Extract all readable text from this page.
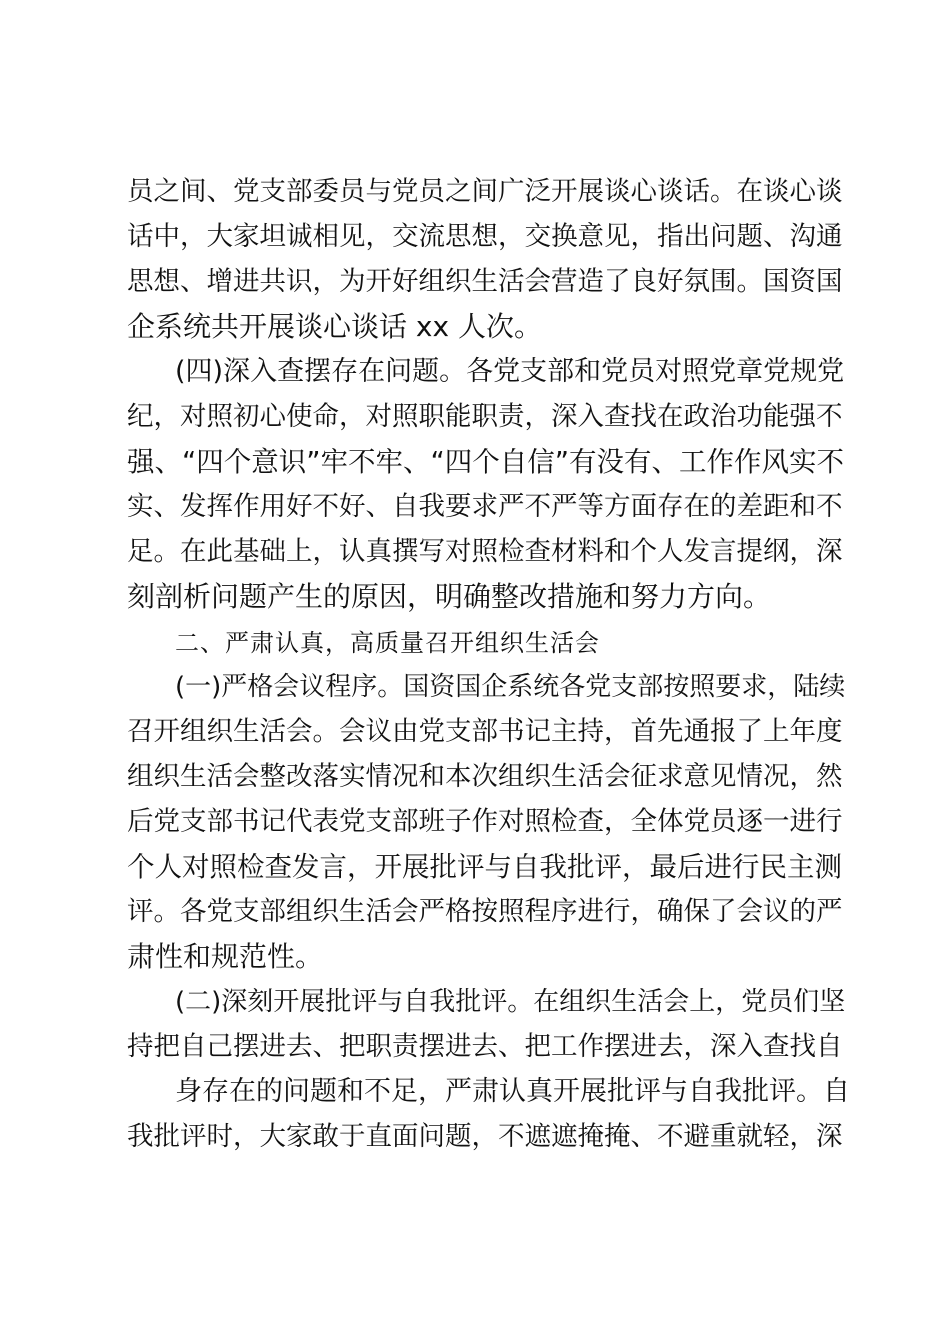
员之间、党支部委员与党员之间广泛开展谈心谈话。在谈心谈

话中，大家坦诚相见，交流思想，交换意见，指出问题、沟通

思想、增进共识，为开好组织生活会营造了良好氛围。国资国

企系统共开展谈心谈话 xx 人次。

(四)深入查摆存在问题。各党支部和党员对照党章党规党

纪，对照初心使命，对照职能职责，深入查找在政治功能强不

强、“四个意识”牢不牢、“四个自信”有没有、工作作风实不

实、发挥作用好不好、自我要求严不严等方面存在的差距和不

足。在此基础上，认真撰写对照检查材料和个人发言提纲，深

刻剖析问题产生的原因，明确整改措施和努力方向。

二、严肃认真，高质量召开组织生活会

(一)严格会议程序。国资国企系统各党支部按照要求，陆续

召开组织生活会。会议由党支部书记主持，首先通报了上年度

组织生活会整改落实情况和本次组织生活会征求意见情况，然

后党支部书记代表党支部班子作对照检查，全体党员逐一进行

个人对照检查发言，开展批评与自我批评，最后进行民主测

评。各党支部组织生活会严格按照程序进行，确保了会议的严

肃性和规范性。

(二)深刻开展批评与自我批评。在组织生活会上，党员们坚

持把自己摆进去、把职责摆进去、把工作摆进去，深入查找自

身存在的问题和不足，严肃认真开展批评与自我批评。自

我批评时，大家敢于直面问题，不遮遮掩掩、不避重就轻，深
